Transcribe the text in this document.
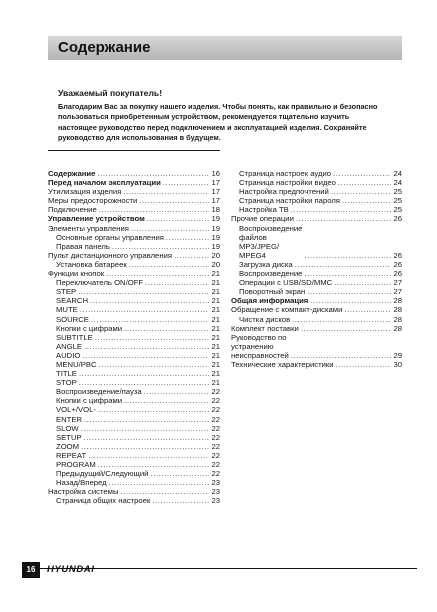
Содержание
Уважаемый покупатель!

Благодарим Вас за покупку нашего изделия. Чтобы понять, как правильно и безопасно пользоваться приобретенным устройством, рекомендуется тщательно изучить настоящее руководство перед подключением и эксплуатацией изделия. Сохраняйте руководство для использования в будущем.

Содержание .....	16
Перед началом эксплуатации .....	17
Утилизация изделия .....	17
Меры предосторожности .....	17
Подключение .....	18
Управление устройством .....	19
Элементы управления .....	19
Основные органы управления .....	19
Правая панель .....	19
Пульт дистанционного управления .....	20
Установка батареек .....	20
Функции кнопок .....	21
Переключатель ON/OFF .....	21
STEP .....	21
SEARCH .....	21
MUTE .....	21
SOURCE .....	21
Кнопки с цифрами .....	21
SUBTITLE .....	21
ANGLE .....	21
AUDIO .....	21
MENU/PBC .....	21
TITLE .....	21
STOP .....	21
Воспроизведение/пауза .....	22
Кнопки с цифрами .....	22
VOL+/VOL- .....	22
ENTER .....	22
SLOW .....	22
SETUP .....	22
ZOOM .....	22
REPEAT .....	22
PROGRAM .....	22
Предыдущий/Следующий .....	22
Назад/Вперед .....	23
Настройка системы .....	23
Страница общих настроек .....	23
Страница настроек аудио .....	24
Страница настройки видео .....	24
Настройка предпочтений .....	25
Страница настройки пароля .....	25
Настройка ТВ .....	25
Прочие операции .....	26
Воспроизведение файлов MP3/JPEG/ MPEG4 .....	26
Загрузка диска .....	26
Воспроизведение .....	26
Операции с USB/SD/MMC .....	27
Поворотный экран .....	27
Общая информация .....	28
Обращение с компакт-дисками .....	28
Чистка дисков .....	28
Комплект поставки .....	28
Руководство по устранению неисправностей .....	29
Технические характеристики .....	30
16	HYUNDAI
